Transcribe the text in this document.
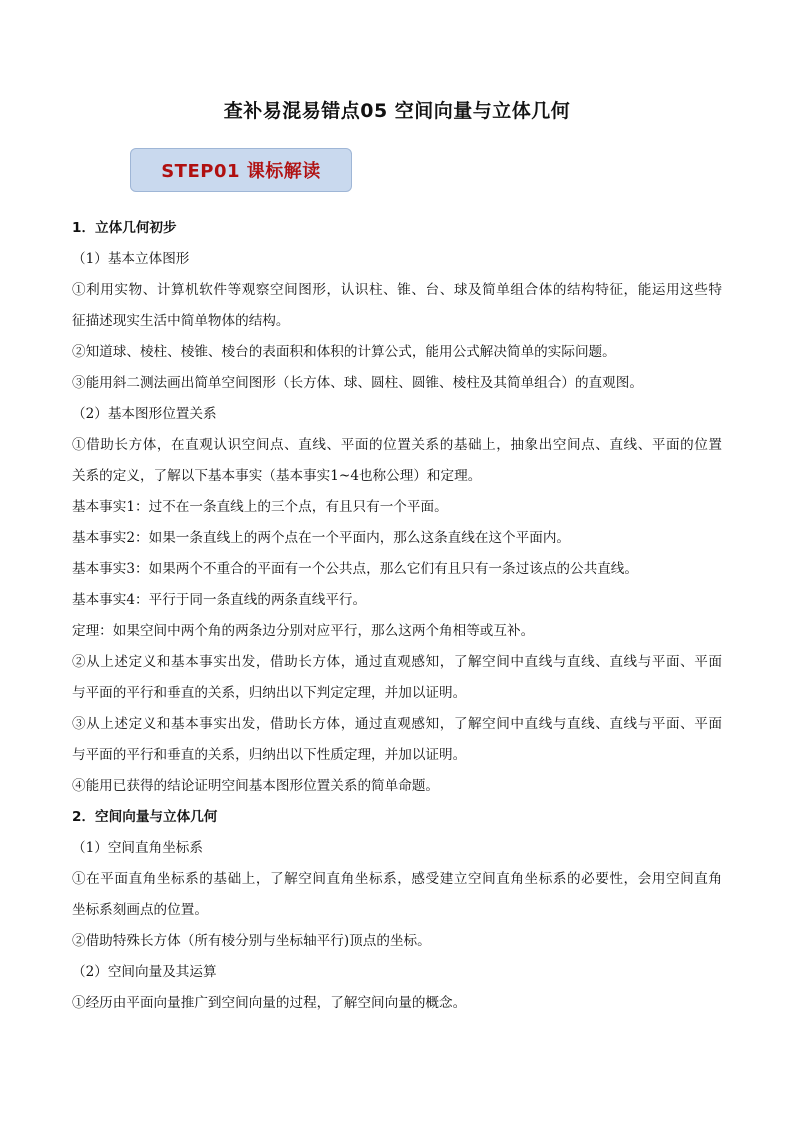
查补易混易错点05 空间向量与立体几何
STEP01 课标解读
1．立体几何初步
（1）基本立体图形
①利用实物、计算机软件等观察空间图形，认识柱、锥、台、球及简单组合体的结构特征，能运用这些特
征描述现实生活中简单物体的结构。
②知道球、棱柱、棱锥、棱台的表面积和体积的计算公式，能用公式解决简单的实际问题。
③能用斜二测法画出简单空间图形（长方体、球、圆柱、圆锥、棱柱及其简单组合）的直观图。
（2）基本图形位置关系
①借助长方体，在直观认识空间点、直线、平面的位置关系的基础上，抽象出空间点、直线、平面的位置
关系的定义，了解以下基本事实（基本事实1~4也称公理）和定理。
基本事实1：过不在一条直线上的三个点，有且只有一个平面。
基本事实2：如果一条直线上的两个点在一个平面内，那么这条直线在这个平面内。
基本事实3：如果两个不重合的平面有一个公共点，那么它们有且只有一条过该点的公共直线。
基本事实4：平行于同一条直线的两条直线平行。
定理：如果空间中两个角的两条边分别对应平行，那么这两个角相等或互补。
②从上述定义和基本事实出发，借助长方体，通过直观感知，了解空间中直线与直线、直线与平面、平面
与平面的平行和垂直的关系，归纳出以下判定定理，并加以证明。
③从上述定义和基本事实出发，借助长方体，通过直观感知，了解空间中直线与直线、直线与平面、平面
与平面的平行和垂直的关系，归纳出以下性质定理，并加以证明。
④能用已获得的结论证明空间基本图形位置关系的简单命题。
2．空间向量与立体几何
（1）空间直角坐标系
①在平面直角坐标系的基础上，了解空间直角坐标系，感受建立空间直角坐标系的必要性，会用空间直角
坐标系刻画点的位置。
②借助特殊长方体（所有棱分别与坐标轴平行)顶点的坐标。
（2）空间向量及其运算
①经历由平面向量推广到空间向量的过程，了解空间向量的概念。
